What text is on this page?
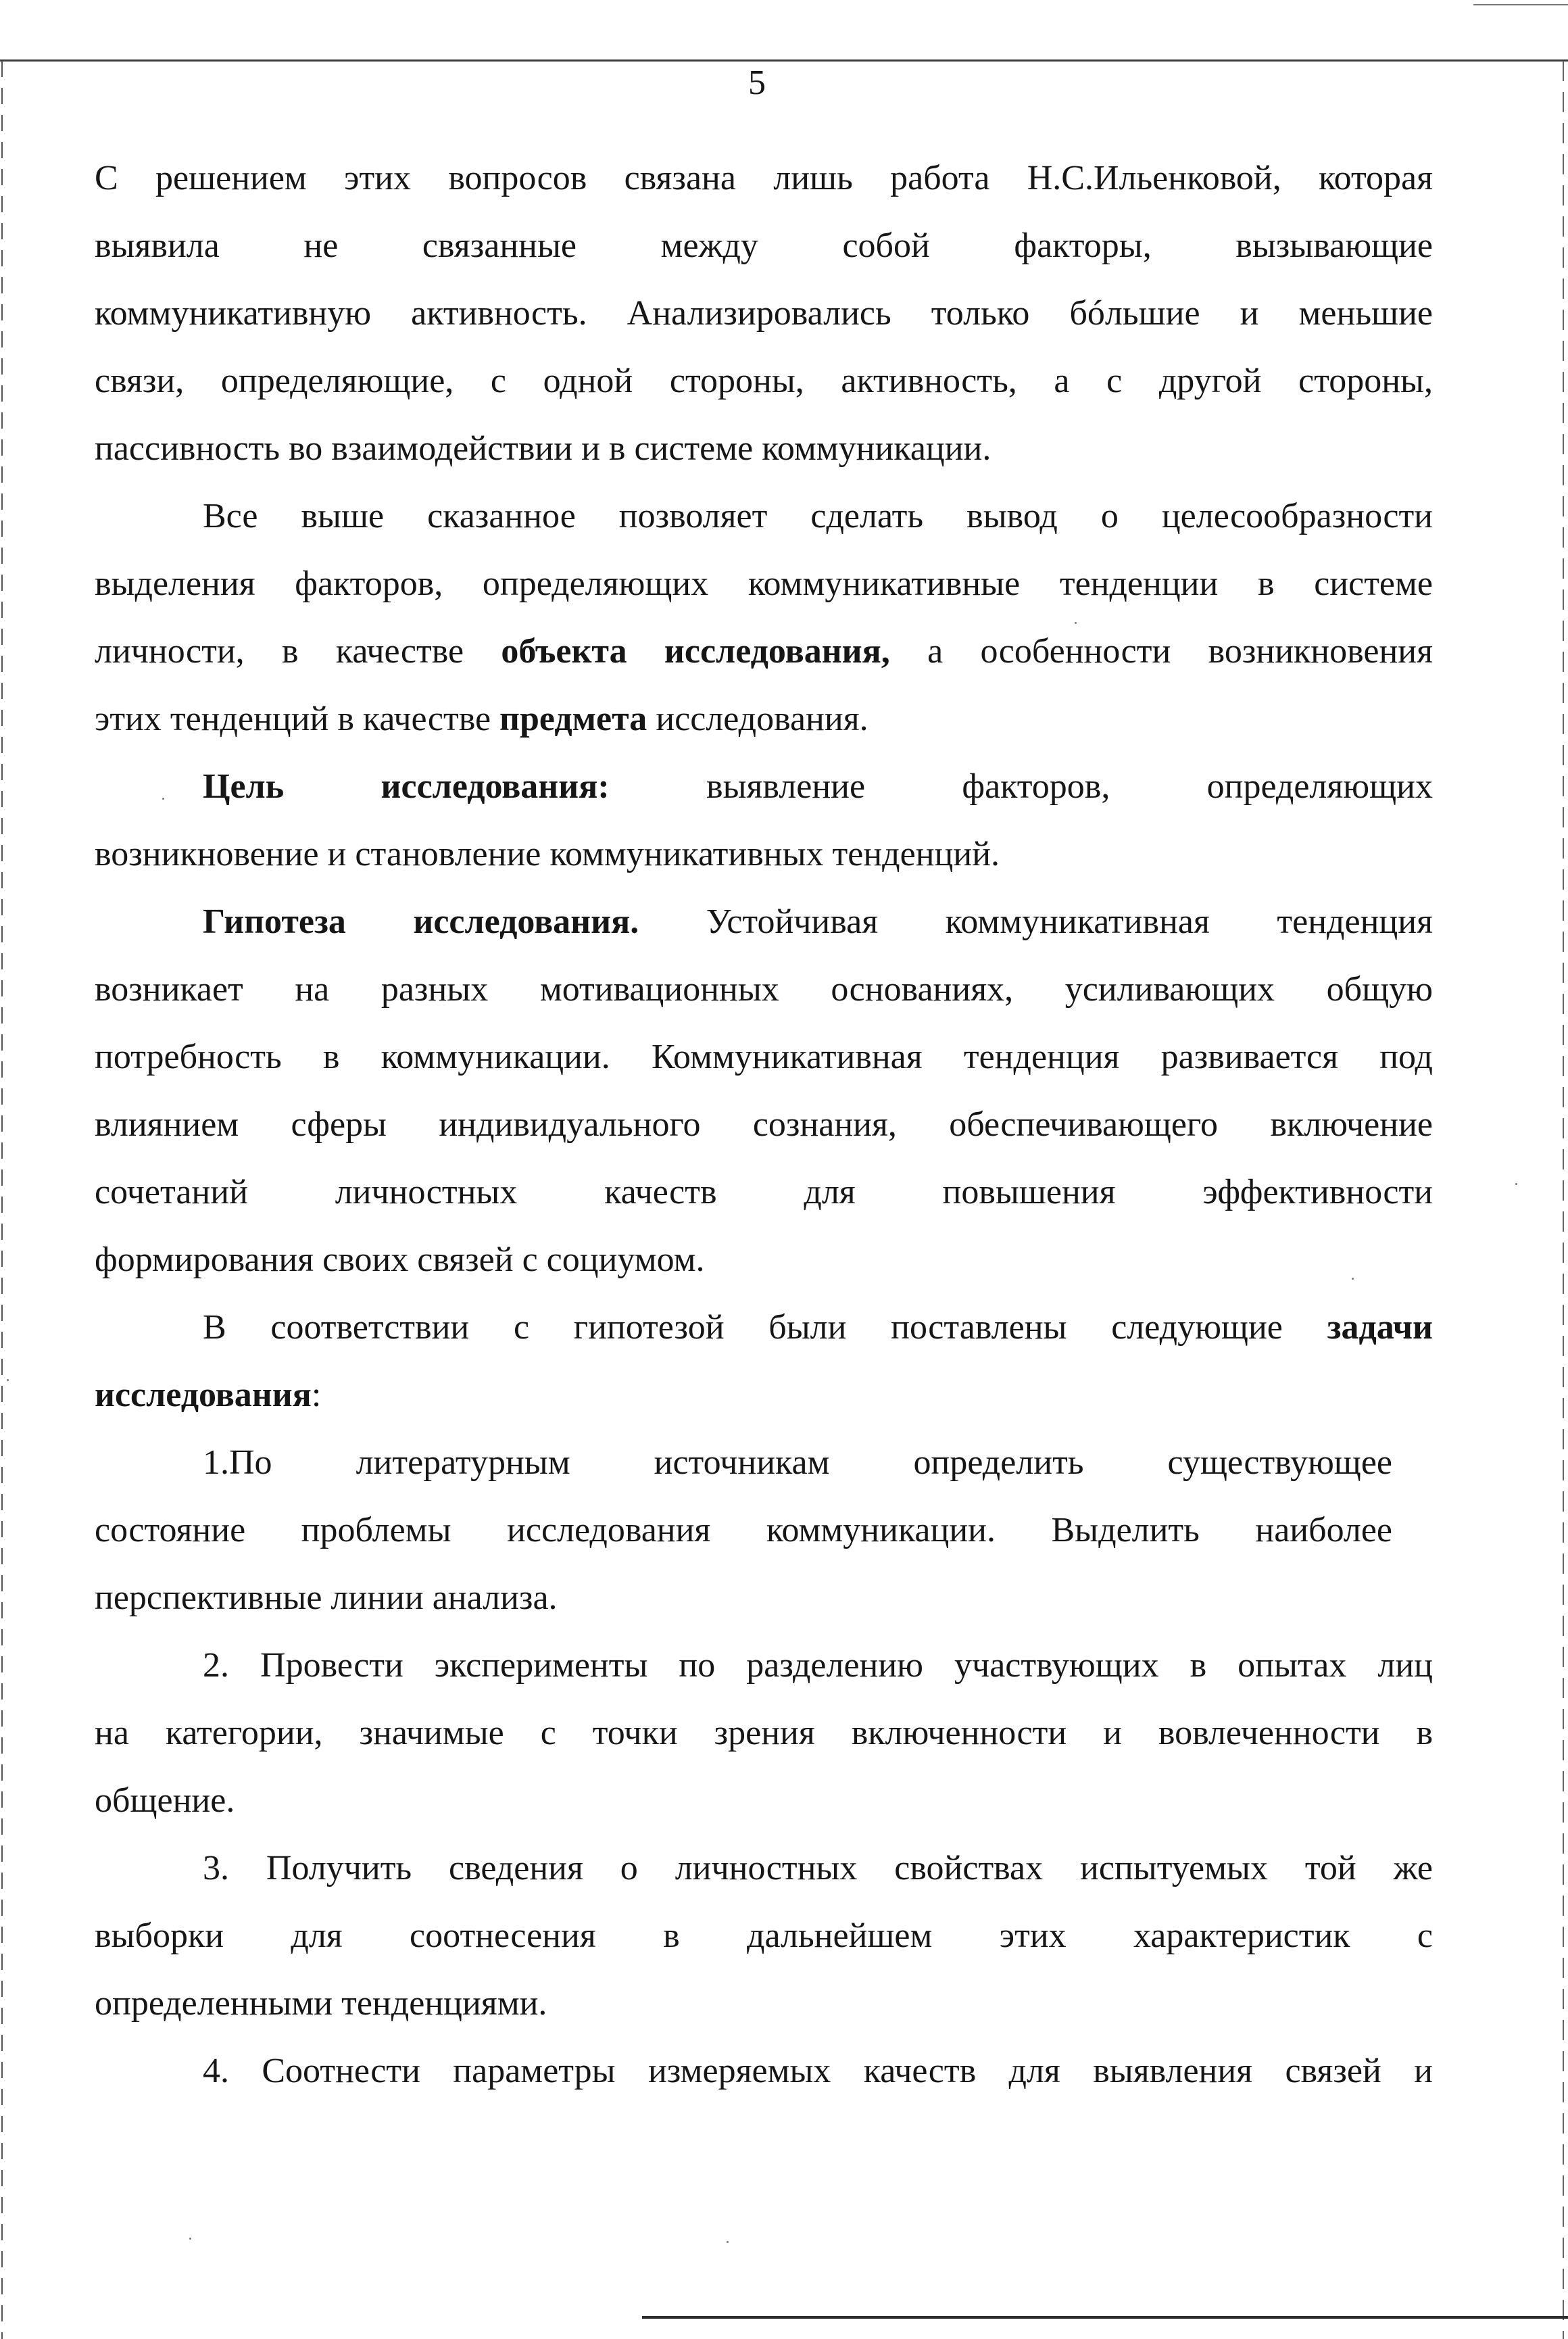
5
С решением этих вопросов связана лишь работа Н.С.Ильенковой, которая
выявила не связанные между собой факторы, вызывающие
коммуникативную активность. Анализировались только бóльшие и меньшие
связи, определяющие, с одной стороны, активность, а с другой стороны,
пассивность во взаимодействии и в системе коммуникации.
Все выше сказанное позволяет сделать вывод о целесообразности
выделения факторов, определяющих коммуникативные тенденции в системе
личности, в качестве объекта исследования, а особенности возникновения
этих тенденций в качестве предмета исследования.
Цель исследования:	выявление факторов, определяющих
возникновение и становление коммуникативных тенденций.
Гипотеза исследования. Устойчивая коммуникативная тенденция
возникает на разных мотивационных основаниях, усиливающих общую
потребность в коммуникации. Коммуникативная тенденция развивается под
влиянием сферы индивидуального сознания, обеспечивающего включение
сочетаний личностных качеств для повышения эффективности
формирования своих связей с социумом.
В соответствии с гипотезой были поставлены следующие задачи
исследования:
1.По литературным источникам определить существующее
состояние проблемы исследования коммуникации. Выделить наиболее
перспективные линии анализа.
2. Провести эксперименты по разделению участвующих в опытах лиц
на категории, значимые с точки зрения включенности и вовлеченности в
общение.
3. Получить сведения о личностных свойствах испытуемых той же
выборки для соотнесения в дальнейшем этих характеристик с
определенными тенденциями.
4. Соотнести параметры измеряемых качеств для выявления связей и
